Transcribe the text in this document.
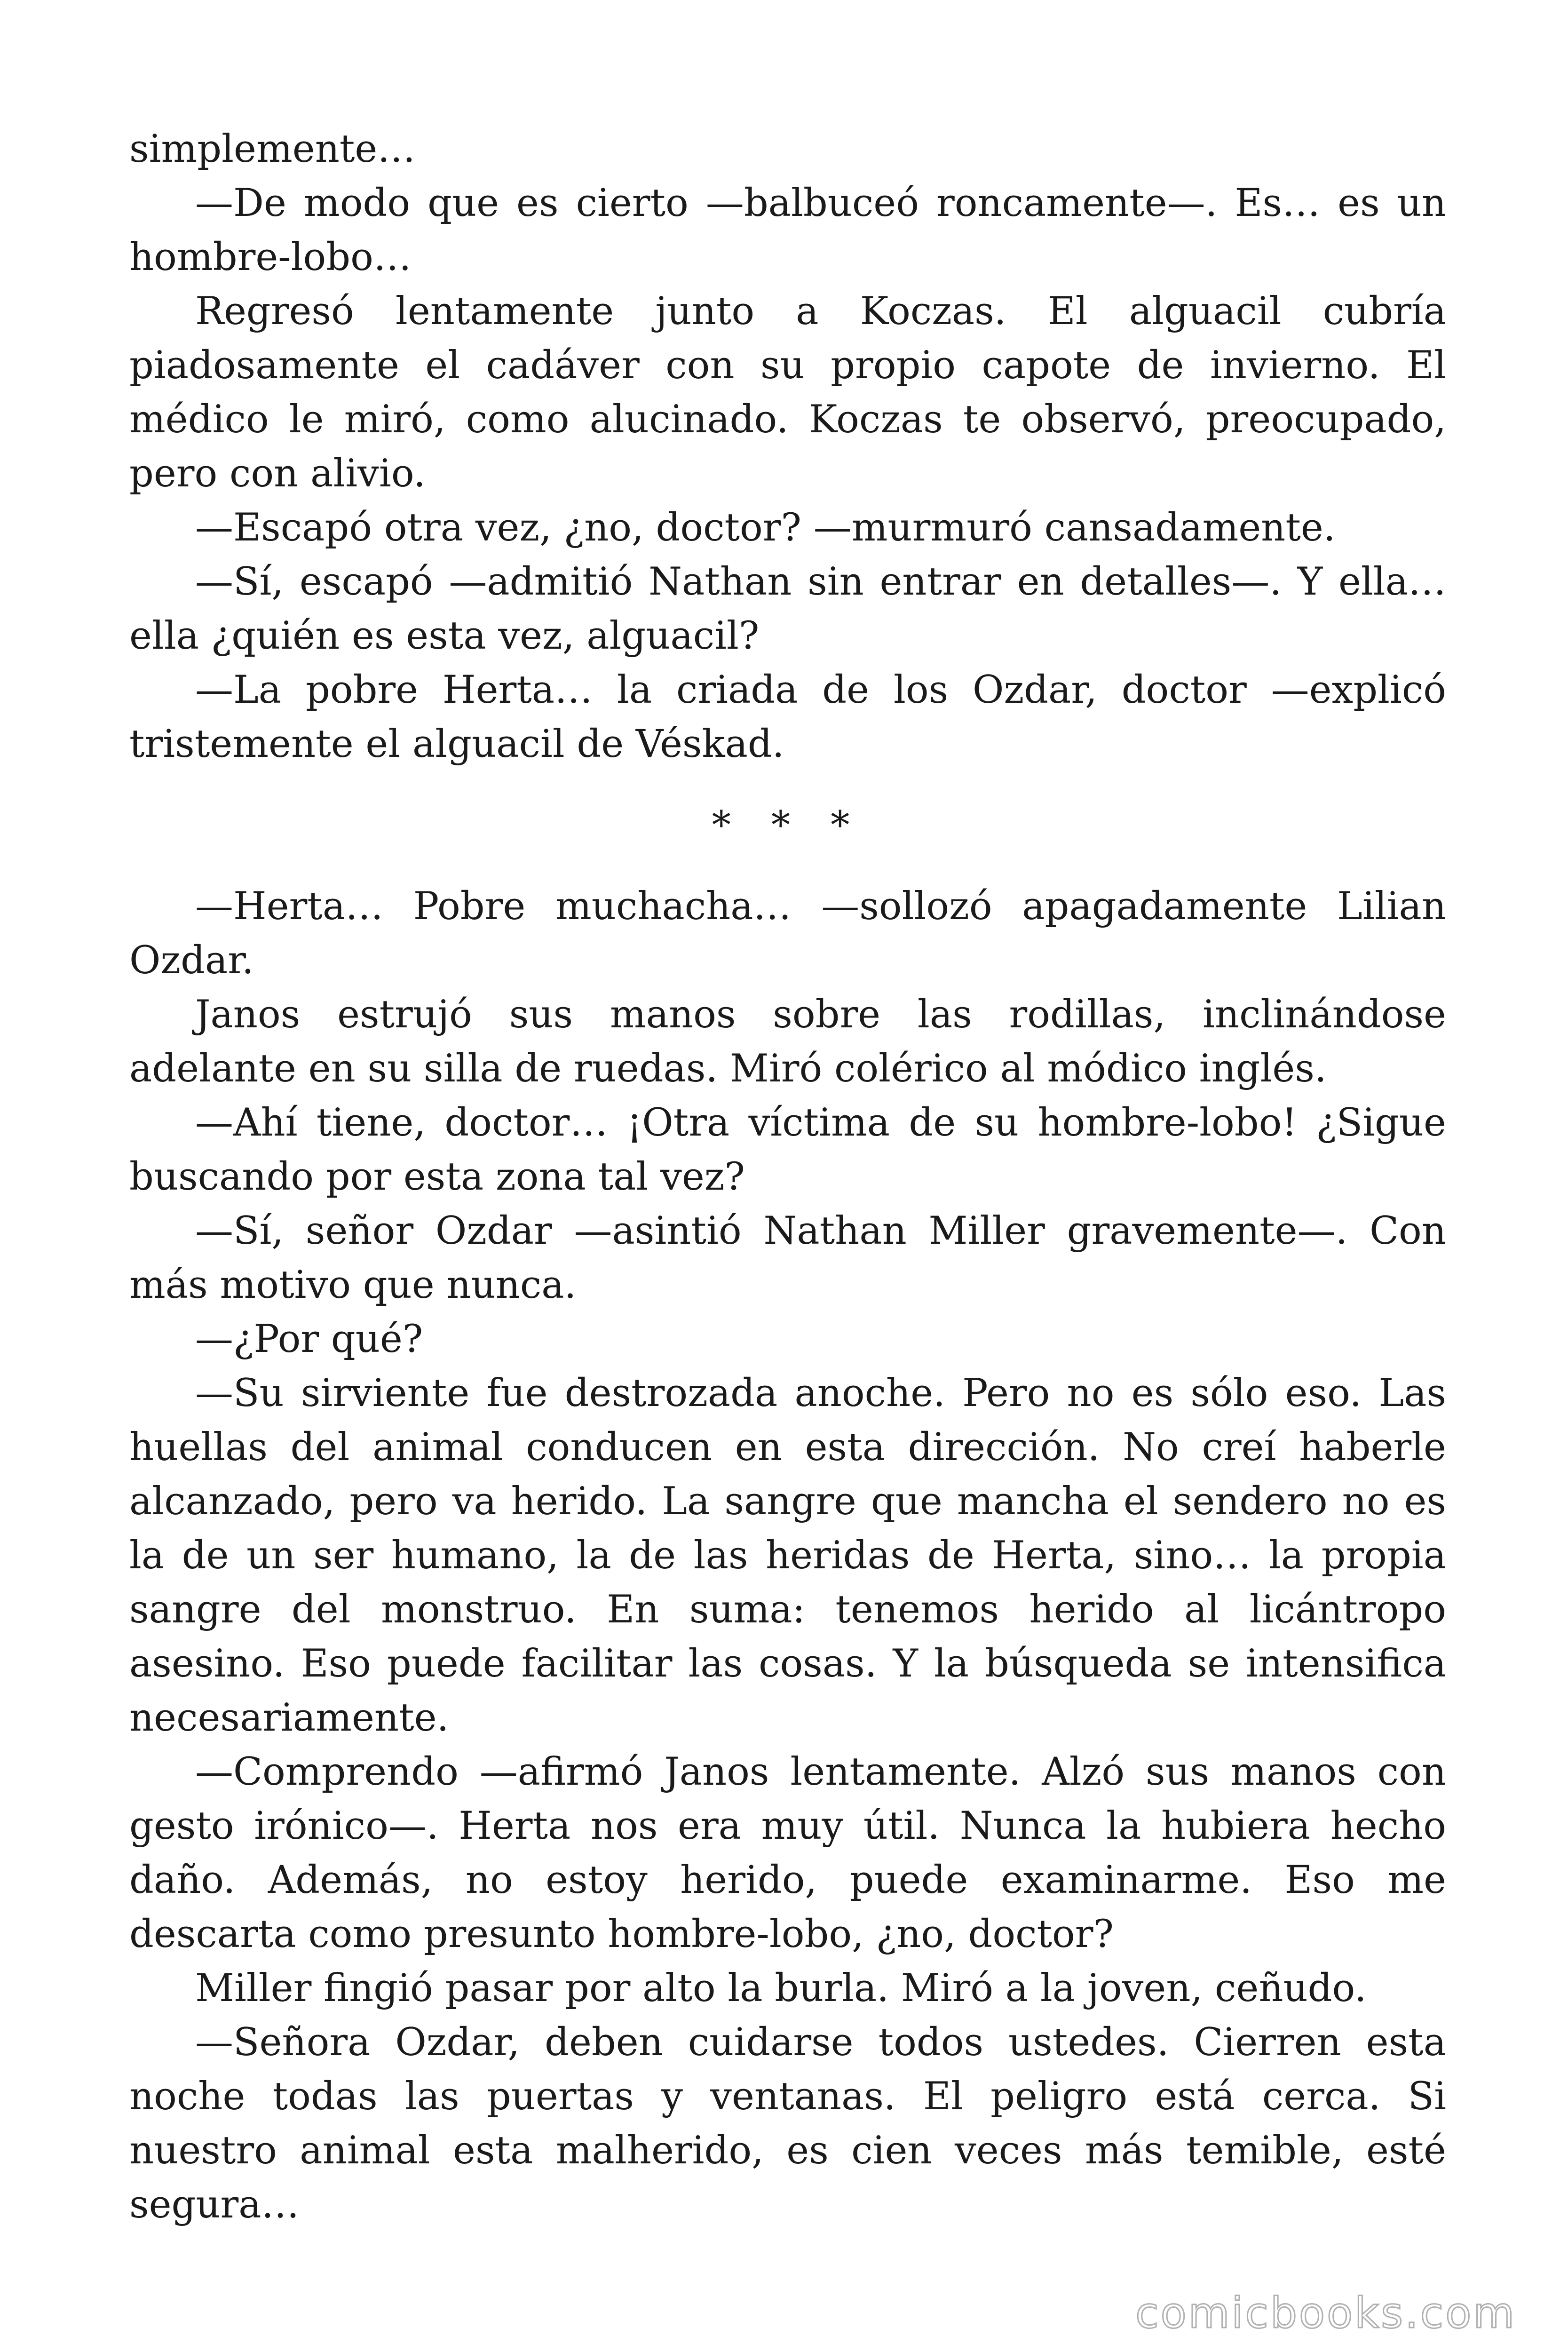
simplemente…

—De modo que es cierto —balbuceó roncamente—. Es… es un hombre-lobo…

Regresó lentamente junto a Koczas. El alguacil cubría piadosamente el cadáver con su propio capote de invierno. El médico le miró, como alucinado. Koczas te observó, preocupado, pero con alivio.

—Escapó otra vez, ¿no, doctor? —murmuró cansadamente.

—Sí, escapó —admitió Nathan sin entrar en detalles—. Y ella… ella ¿quién es esta vez, alguacil?

—La pobre Herta… la criada de los Ozdar, doctor —explicó tristemente el alguacil de Véskad.

* * *

—Herta… Pobre muchacha… —sollozó apagadamente Lilian Ozdar.

Janos estrujó sus manos sobre las rodillas, inclinándose adelante en su silla de ruedas. Miró colérico al módico inglés.

—Ahí tiene, doctor… ¡Otra víctima de su hombre-lobo! ¿Sigue buscando por esta zona tal vez?

—Sí, señor Ozdar —asintió Nathan Miller gravemente—. Con más motivo que nunca.

—¿Por qué?

—Su sirviente fue destrozada anoche. Pero no es sólo eso. Las huellas del animal conducen en esta dirección. No creí haberle alcanzado, pero va herido. La sangre que mancha el sendero no es la de un ser humano, la de las heridas de Herta, sino… la propia sangre del monstruo. En suma: tenemos herido al licántropo asesino. Eso puede facilitar las cosas. Y la búsqueda se intensifica necesariamente.

—Comprendo —afirmó Janos lentamente. Alzó sus manos con gesto irónico—. Herta nos era muy útil. Nunca la hubiera hecho daño. Además, no estoy herido, puede examinarme. Eso me descarta como presunto hombre-lobo, ¿no, doctor?

Miller fingió pasar por alto la burla. Miró a la joven, ceñudo.

—Señora Ozdar, deben cuidarse todos ustedes. Cierren esta noche todas las puertas y ventanas. El peligro está cerca. Si nuestro animal esta malherido, es cien veces más temible, esté segura…

comicbooks.com
